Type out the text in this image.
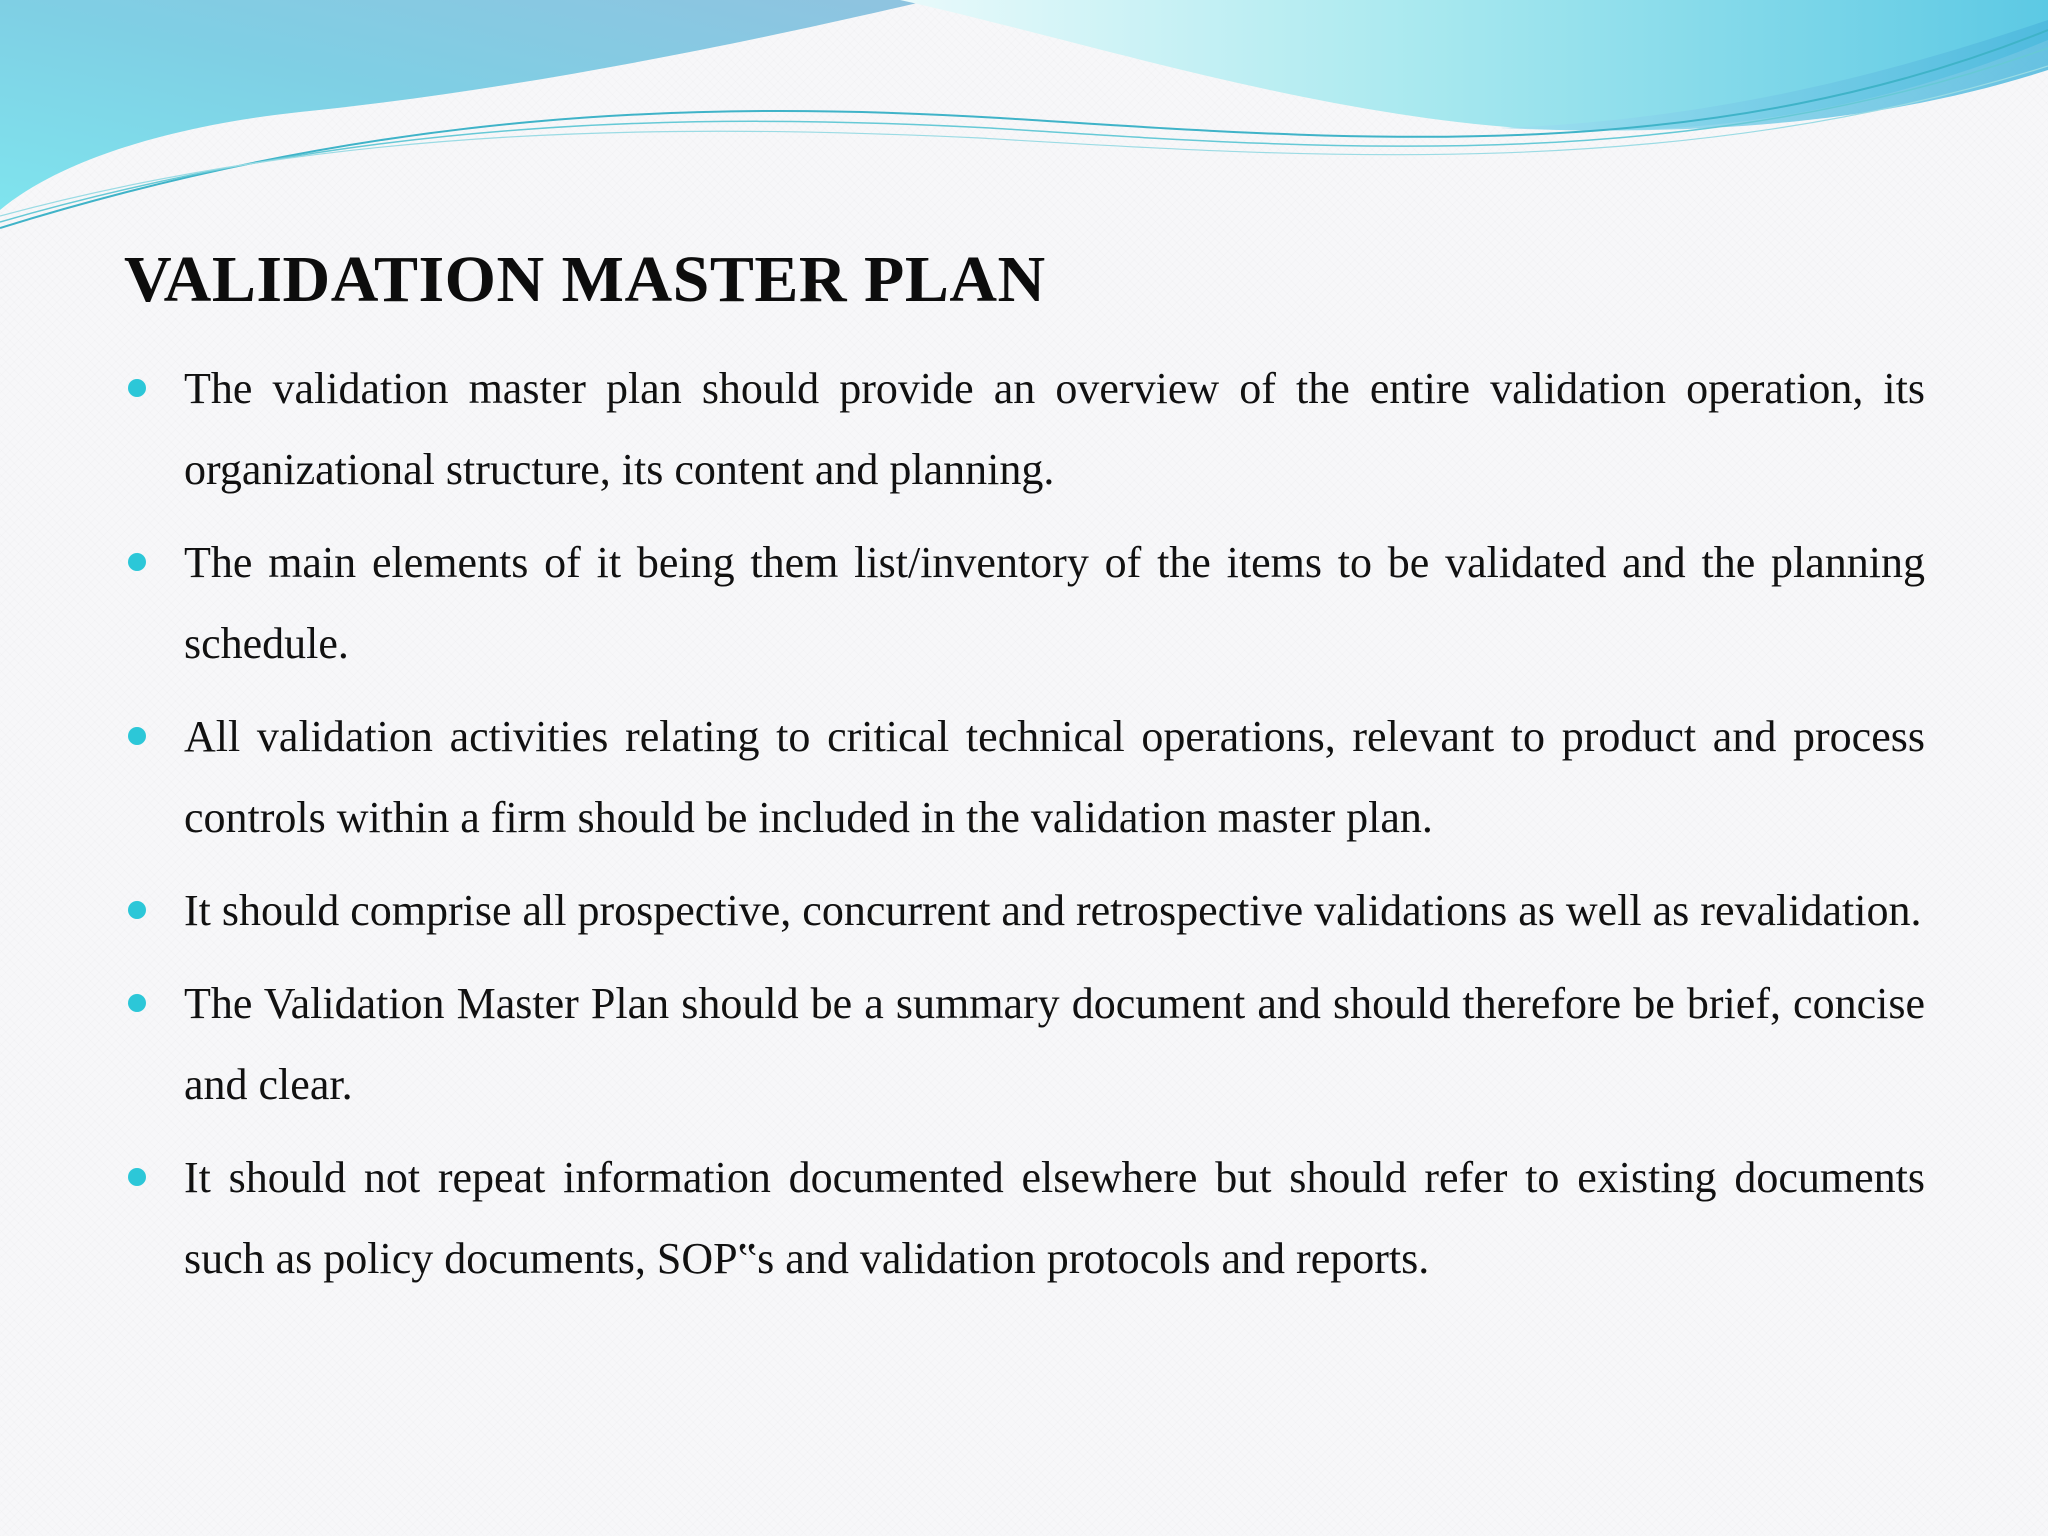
VALIDATION MASTER PLAN
The validation master plan should provide an overview of the entire validation operation, its organizational structure, its content and planning.
The main elements of it being them list/inventory of the items to be validated and the planning schedule.
All validation activities relating to critical technical operations, relevant to product and process controls within a firm should be included in the validation master plan.
It should comprise all prospective, concurrent and retrospective validations as well as revalidation.
The Validation Master Plan should be a summary document and should therefore be brief, concise and clear.
It should not repeat information documented elsewhere but should refer to existing documents such as policy documents, SOP‟s and validation protocols and reports.
